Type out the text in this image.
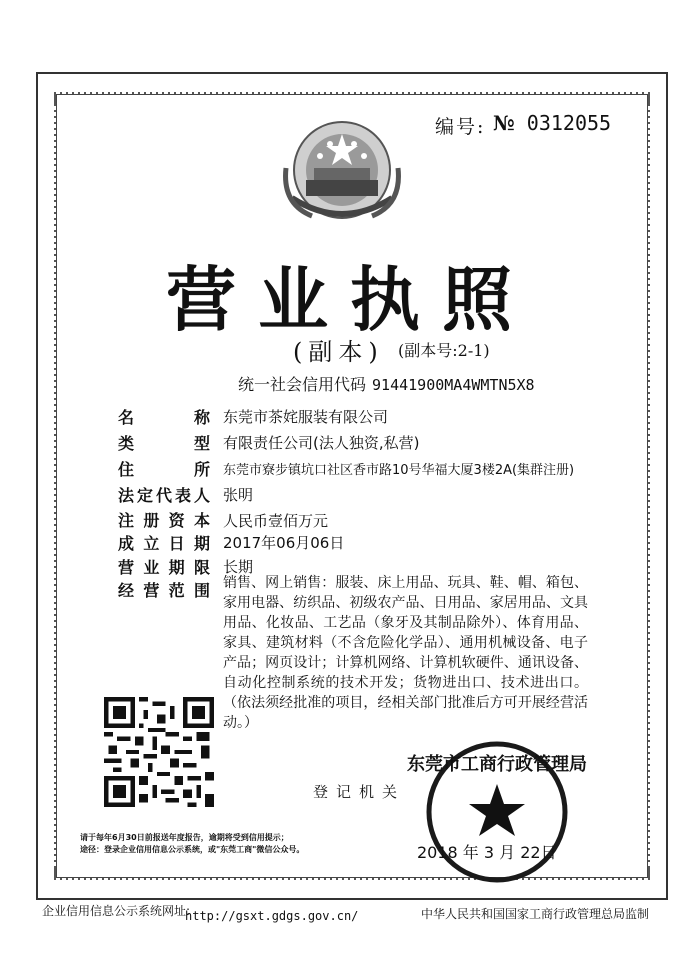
编号: № 0312055
营业执照
(副本) (副本号:2-1)
统一社会信用代码 91441900MA4WMTN5X8
名称 东莞市茶姹服装有限公司
类型 有限责任公司(法人独资,私营)
住所 东莞市寮步镇坑口社区香市路10号华福大厦3楼2A(集群注册)
法定代表人 张明
注册资本 人民币壹佰万元
成立日期 2017年06月06日
营业期限 长期
经营范围 销售、网上销售：服装、床上用品、玩具、鞋、帽、箱包、家用电器、纺织品、初级农产品、日用品、家居用品、文具用品、化妆品、工艺品（象牙及其制品除外）、体育用品、家具、建筑材料（不含危险化学品）、通用机械设备、电子产品；网页设计；计算机网络、计算机软硬件、通讯设备、自动化控制系统的技术开发；货物进出口、技术进出口。（依法须经批准的项目，经相关部门批准后方可开展经营活动。）
登记机关
东莞市工商行政管理局
2018 年 3 月 22日
请于每年6月30日前报送年度报告，逾期将受到信用提示；
途径：登录企业信用信息公示系统，或"东莞工商"微信公众号。
企业信用信息公示系统网址:
http://gsxt.gdgs.gov.cn/	中华人民共和国国家工商行政管理总局监制
